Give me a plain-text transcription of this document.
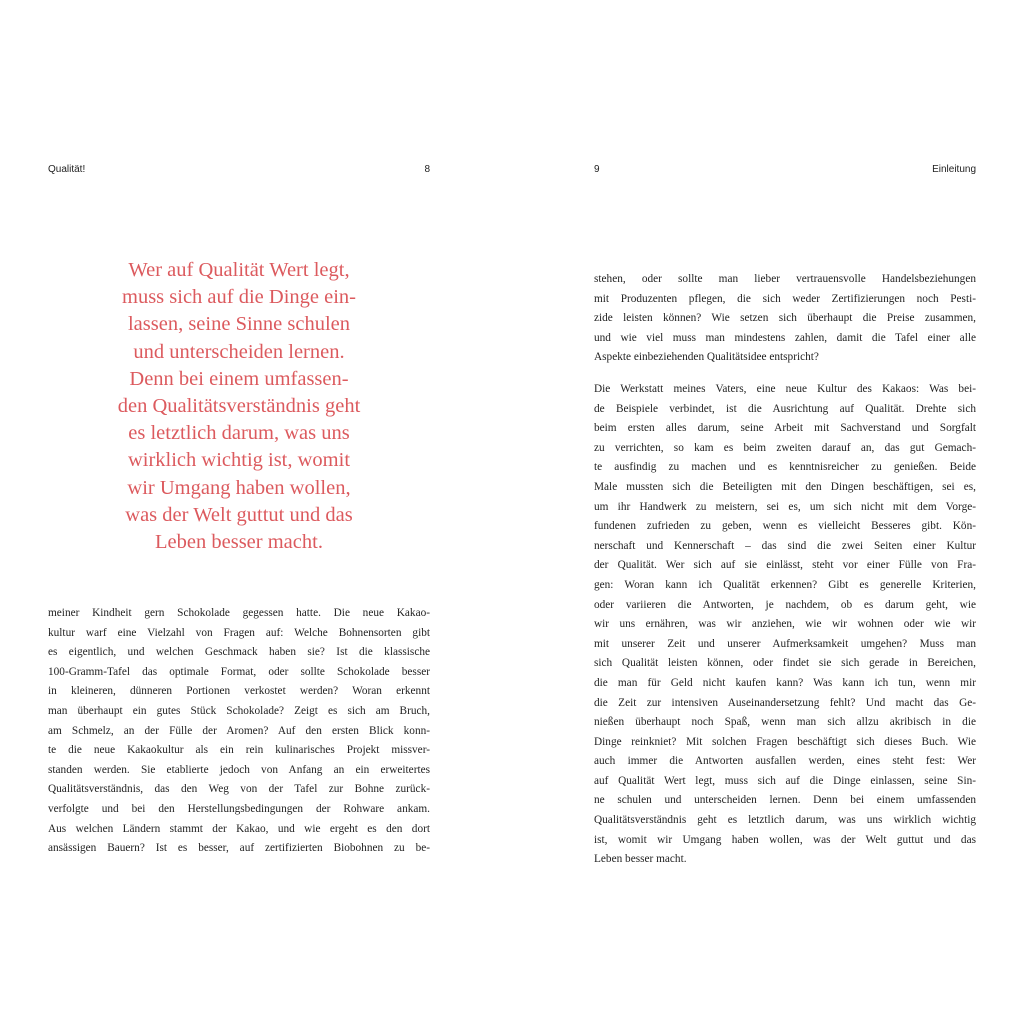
Qualität!	8

Wer auf Qualität Wert legt,
muss sich auf die Dinge ein-
lassen, seine Sinne schulen
und unterscheiden lernen.
Denn bei einem umfassen-
den Qualitätsverständnis geht
es letztlich darum, was uns
wirklich wichtig ist, womit
wir Umgang haben wollen,
was der Welt guttut und das
Leben besser macht.

meiner Kindheit gern Schokolade gegessen hatte. Die neue Kakao-
kultur warf eine Vielzahl von Fragen auf: Welche Bohnensorten gibt
es eigentlich, und welchen Geschmack haben sie? Ist die klassische
100-Gramm-Tafel das optimale Format, oder sollte Schokolade besser
in kleineren, dünneren Portionen verkostet werden? Woran erkennt
man überhaupt ein gutes Stück Schokolade? Zeigt es sich am Bruch,
am Schmelz, an der Fülle der Aromen? Auf den ersten Blick konn-
te die neue Kakaokultur als ein rein kulinarisches Projekt missver-
standen werden. Sie etablierte jedoch von Anfang an ein erweitertes
Qualitätsverständnis, das den Weg von der Tafel zur Bohne zurück-
verfolgte und bei den Herstellungsbedingungen der Rohware ankam.
Aus welchen Ländern stammt der Kakao, und wie ergeht es den dort
ansässigen Bauern? Ist es besser, auf zertifizierten Biobohnen zu be-
9	Einleitung
stehen, oder sollte man lieber vertrauensvolle Handelsbeziehungen
mit Produzenten pflegen, die sich weder Zertifizierungen noch Pesti-
zide leisten können? Wie setzen sich überhaupt die Preise zusammen,
und wie viel muss man mindestens zahlen, damit die Tafel einer alle
Aspekte einbeziehenden Qualitätsidee entspricht?
Die Werkstatt meines Vaters, eine neue Kultur des Kakaos: Was bei-
de Beispiele verbindet, ist die Ausrichtung auf Qualität. Drehte sich
beim ersten alles darum, seine Arbeit mit Sachverstand und Sorgfalt
zu verrichten, so kam es beim zweiten darauf an, das gut Gemach-
te ausfindig zu machen und es kenntnisreicher zu genießen. Beide
Male mussten sich die Beteiligten mit den Dingen beschäftigen, sei es,
um ihr Handwerk zu meistern, sei es, um sich nicht mit dem Vorge-
fundenen zufrieden zu geben, wenn es vielleicht Besseres gibt. Kön-
nerschaft und Kennerschaft – das sind die zwei Seiten einer Kultur
der Qualität. Wer sich auf sie einlässt, steht vor einer Fülle von Fra-
gen: Woran kann ich Qualität erkennen? Gibt es generelle Kriterien,
oder variieren die Antworten, je nachdem, ob es darum geht, wie
wir uns ernähren, was wir anziehen, wie wir wohnen oder wie wir
mit unserer Zeit und unserer Aufmerksamkeit umgehen? Muss man
sich Qualität leisten können, oder findet sie sich gerade in Bereichen,
die man für Geld nicht kaufen kann? Was kann ich tun, wenn mir
die Zeit zur intensiven Auseinandersetzung fehlt? Und macht das Ge-
nießen überhaupt noch Spaß, wenn man sich allzu akribisch in die
Dinge reinkniet? Mit solchen Fragen beschäftigt sich dieses Buch. Wie
auch immer die Antworten ausfallen werden, eines steht fest: Wer
auf Qualität Wert legt, muss sich auf die Dinge einlassen, seine Sin-
ne schulen und unterscheiden lernen. Denn bei einem umfassenden
Qualitätsverständnis geht es letztlich darum, was uns wirklich wichtig
ist, womit wir Umgang haben wollen, was der Welt guttut und das
Leben besser macht.
